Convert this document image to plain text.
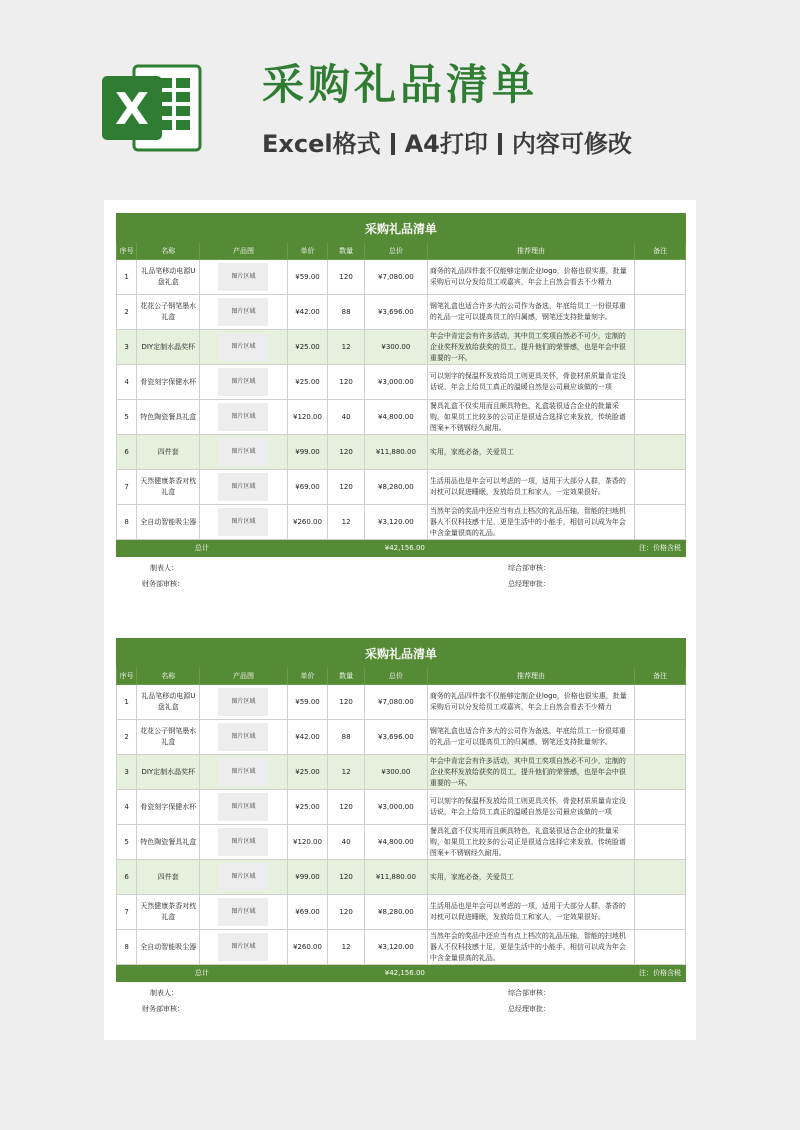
X	采购礼品清单
Excel格式 A4打印 内容可修改
采购礼品清单							
序号	名称	产品图	单价	数量	总价	推荐理由	备注
1	礼品笔移动电源U盘礼盒	图片区域	¥59.00	120	¥7,080.00	商务的礼品四件套不仅能够定制企业logo，价格也很实惠，批量采购后可以分发给员工或嘉宾，年会上自然会看去不少精力	
2	花花公子钢笔墨水礼盒	图片区域	¥42.00	88	¥3,696.00	钢笔礼盒也适合许多大的公司作为备选，年底给员工一份很郑重的礼品一定可以提高员工的归属感，钢笔还支持批量刻字。	
3	DIY定制水晶奖杯	图片区域	¥25.00	12	¥300.00	年会中肯定会有许多活动，其中员工奖项自然必不可少，定制的企业奖杯发放给获奖的员工，提升他们的荣誉感，也是年会中很重要的一环。	
4	骨瓷刻字保健水杯	图片区域	¥25.00	120	¥3,000.00	可以刻字的保温杯发放给员工则更具关怀，骨瓷材质质量肯定没话说，年会上给员工真正的温暖自然是公司最应该做的一项	
5	特色陶瓷餐具礼盒	图片区域	¥120.00	40	¥4,800.00	餐具礼盒不仅实用而且颇具特色，礼盒装很适合企业的批量采购，如果员工比较多的公司正是很适合选择它来发放，传统脸谱图案+不锈钢经久耐用。	
6	四件套	图片区域	¥99.00	120	¥11,880.00	实用，家庭必备，关爱员工	
7	天然健康茶香对枕礼盒	图片区域	¥69.00	120	¥8,280.00	生活用品也是年会可以考虑的一项，适用于大部分人群，茶香的对枕可以促进睡眠，发放给员工和家人，一定效果很好。	
8	全自动智能吸尘器	图片区域	¥260.00	12	¥3,120.00	当然年会的奖品中还应当有点上档次的礼品压轴，智能的扫地机器人不仅科技感十足，更是生活中的小能手，相信可以成为年会中含金量很高的礼品。	
总计			¥42,156.00			注：价格含税	
制表人：
财务部审核：
综合部审核：
总经理审批：
采购礼品清单							
序号	名称	产品图	单价	数量	总价	推荐理由	备注
1	礼品笔移动电源U盘礼盒	图片区域	¥59.00	120	¥7,080.00	商务的礼品四件套不仅能够定制企业logo，价格也很实惠，批量采购后可以分发给员工或嘉宾，年会上自然会看去不少精力	
2	花花公子钢笔墨水礼盒	图片区域	¥42.00	88	¥3,696.00	钢笔礼盒也适合许多大的公司作为备选，年底给员工一份很郑重的礼品一定可以提高员工的归属感，钢笔还支持批量刻字。	
3	DIY定制水晶奖杯	图片区域	¥25.00	12	¥300.00	年会中肯定会有许多活动，其中员工奖项自然必不可少，定制的企业奖杯发放给获奖的员工，提升他们的荣誉感，也是年会中很重要的一环。	
4	骨瓷刻字保健水杯	图片区域	¥25.00	120	¥3,000.00	可以刻字的保温杯发放给员工则更具关怀，骨瓷材质质量肯定没话说，年会上给员工真正的温暖自然是公司最应该做的一项	
5	特色陶瓷餐具礼盒	图片区域	¥120.00	40	¥4,800.00	餐具礼盒不仅实用而且颇具特色，礼盒装很适合企业的批量采购，如果员工比较多的公司正是很适合选择它来发放，传统脸谱图案+不锈钢经久耐用。	
6	四件套	图片区域	¥99.00	120	¥11,880.00	实用，家庭必备，关爱员工	
7	天然健康茶香对枕礼盒	图片区域	¥69.00	120	¥8,280.00	生活用品也是年会可以考虑的一项，适用于大部分人群，茶香的对枕可以促进睡眠，发放给员工和家人，一定效果很好。	
8	全自动智能吸尘器	图片区域	¥260.00	12	¥3,120.00	当然年会的奖品中还应当有点上档次的礼品压轴，智能的扫地机器人不仅科技感十足，更是生活中的小能手，相信可以成为年会中含金量很高的礼品。	
总计			¥42,156.00			注：价格含税	
制表人：
财务部审核：
综合部审核：
总经理审批：
